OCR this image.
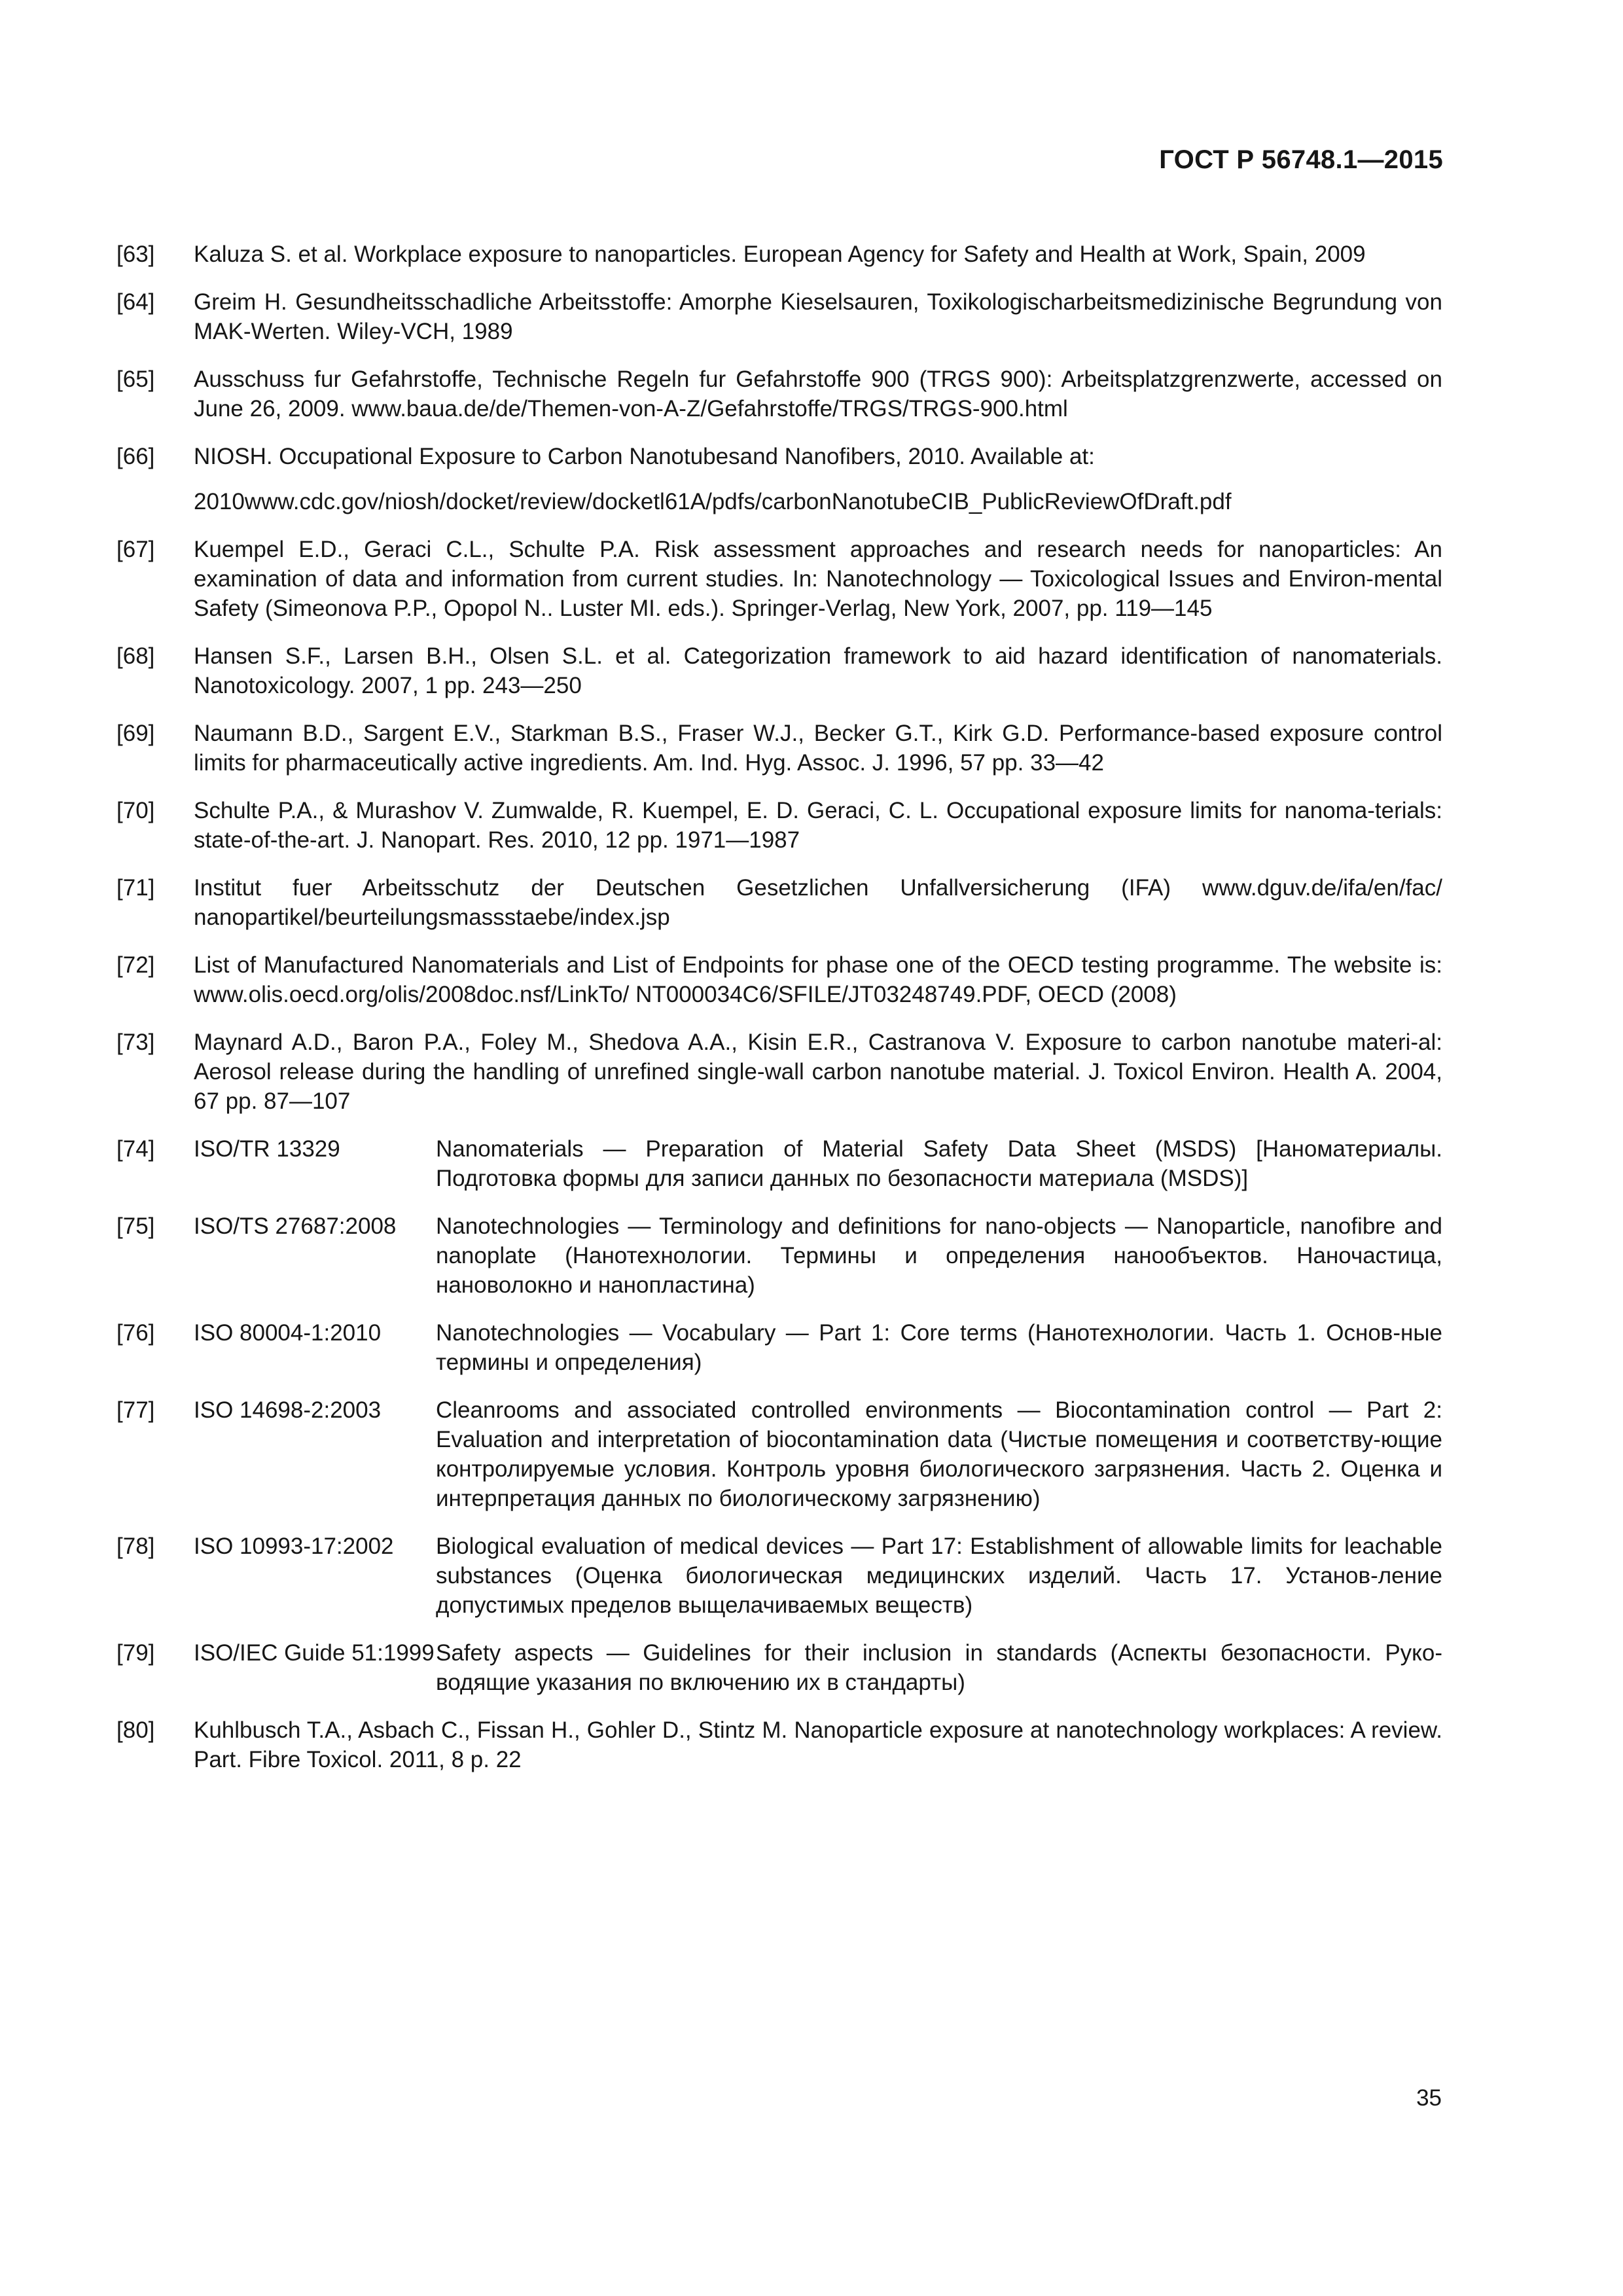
ГОСТ Р 56748.1—2015
[63]	Kaluza S. et al. Workplace exposure to nanoparticles. European Agency for Safety and Health at Work, Spain, 2009
[64]	Greim H. Gesundheitsschadliche Arbeitsstoffe: Amorphe Kieselsauren, Toxikologischarbeitsmedizinische Begrundung von MAK-Werten. Wiley-VCH, 1989
[65]	Ausschuss fur Gefahrstoffe, Technische Regeln fur Gefahrstoffe 900 (TRGS 900): Arbeitsplatzgrenzwerte, accessed on June 26, 2009. www.baua.de/de/Themen-von-A-Z/Gefahrstoffe/TRGS/TRGS-900.html
[66]	NIOSH. Occupational Exposure to Carbon Nanotubesand Nanofibers, 2010. Available at:
2010www.cdc.gov/niosh/docket/review/docketl61A/pdfs/carbonNanotubeCIB_PublicReviewOfDraft.pdf
[67]	Kuempel E.D., Geraci C.L., Schulte P.A. Risk assessment approaches and research needs for nanoparticles: An examination of data and information from current studies. In: Nanotechnology — Toxicological Issues and Environ-mental Safety (Simeonova P.P., Opopol N.. Luster MI. eds.). Springer-Verlag, New York, 2007, pp. 119—145
[68]	Hansen S.F., Larsen B.H., Olsen S.L. et al. Categorization framework to aid hazard identification of nanomaterials. Nanotoxicology. 2007, 1 pp. 243—250
[69]	Naumann B.D., Sargent E.V., Starkman B.S., Fraser W.J., Becker G.T., Kirk G.D. Performance-based exposure control limits for pharmaceutically active ingredients. Am. Ind. Hyg. Assoc. J. 1996, 57 pp. 33—42
[70]	Schulte P.A., & Murashov V. Zumwalde, R. Kuempel, E. D. Geraci, C. L. Occupational exposure limits for nanoma-terials: state-of-the-art. J. Nanopart. Res. 2010, 12 pp. 1971—1987
[71]	Institut fuer Arbeitsschutz der Deutschen Gesetzlichen Unfallversicherung (IFA) www.dguv.de/ifa/en/fac/ nanopartikel/beurteilungsmassstaebe/index.jsp
[72]	List of Manufactured Nanomaterials and List of Endpoints for phase one of the OECD testing programme. The website is: www.olis.oecd.org/olis/2008doc.nsf/LinkTo/ NT000034C6/SFILE/JT03248749.PDF, OECD (2008)
[73]	Maynard A.D., Baron P.A., Foley M., Shedova A.A., Kisin E.R., Castranova V. Exposure to carbon nanotube materi-al: Aerosol release during the handling of unrefined single-wall carbon nanotube material. J. Toxicol Environ. Health A. 2004, 67 pp. 87—107
[74]	ISO/TR 13329	Nanomaterials — Preparation of Material Safety Data Sheet (MSDS) [Наноматериалы. Подготовка формы для записи данных по безопасности материала (MSDS)]
[75]	ISO/TS 27687:2008	Nanotechnologies — Terminology and definitions for nano-objects — Nanoparticle, nanofibre and nanoplate (Нанотехнологии. Термины и определения нанообъектов. Наночастица, нановолокно и нанопластина)
[76]	ISO 80004-1:2010	Nanotechnologies — Vocabulary — Part 1: Core terms (Нанотехнологии. Часть 1. Основ-ные термины и определения)
[77]	ISO 14698-2:2003	Cleanrooms and associated controlled environments — Biocontamination control — Part 2: Evaluation and interpretation of biocontamination data (Чистые помещения и соответству-ющие контролируемые условия. Контроль уровня биологического загрязнения. Часть 2. Оценка и интерпретация данных по биологическому загрязнению)
[78]	ISO 10993-17:2002	Biological evaluation of medical devices — Part 17: Establishment of allowable limits for leachable substances (Оценка биологическая медицинских изделий. Часть 17. Установ-ление допустимых пределов выщелачиваемых веществ)
[79]	ISO/IEC Guide 51:1999 Safety aspects — Guidelines for their inclusion in standards (Аспекты безопасности. Руко-водящие указания по включению их в стандарты)
[80]	Kuhlbusch T.A., Asbach C., Fissan H., Gohler D., Stintz M. Nanoparticle exposure at nanotechnology workplaces: A review. Part. Fibre Toxicol. 2011, 8 p. 22
35
